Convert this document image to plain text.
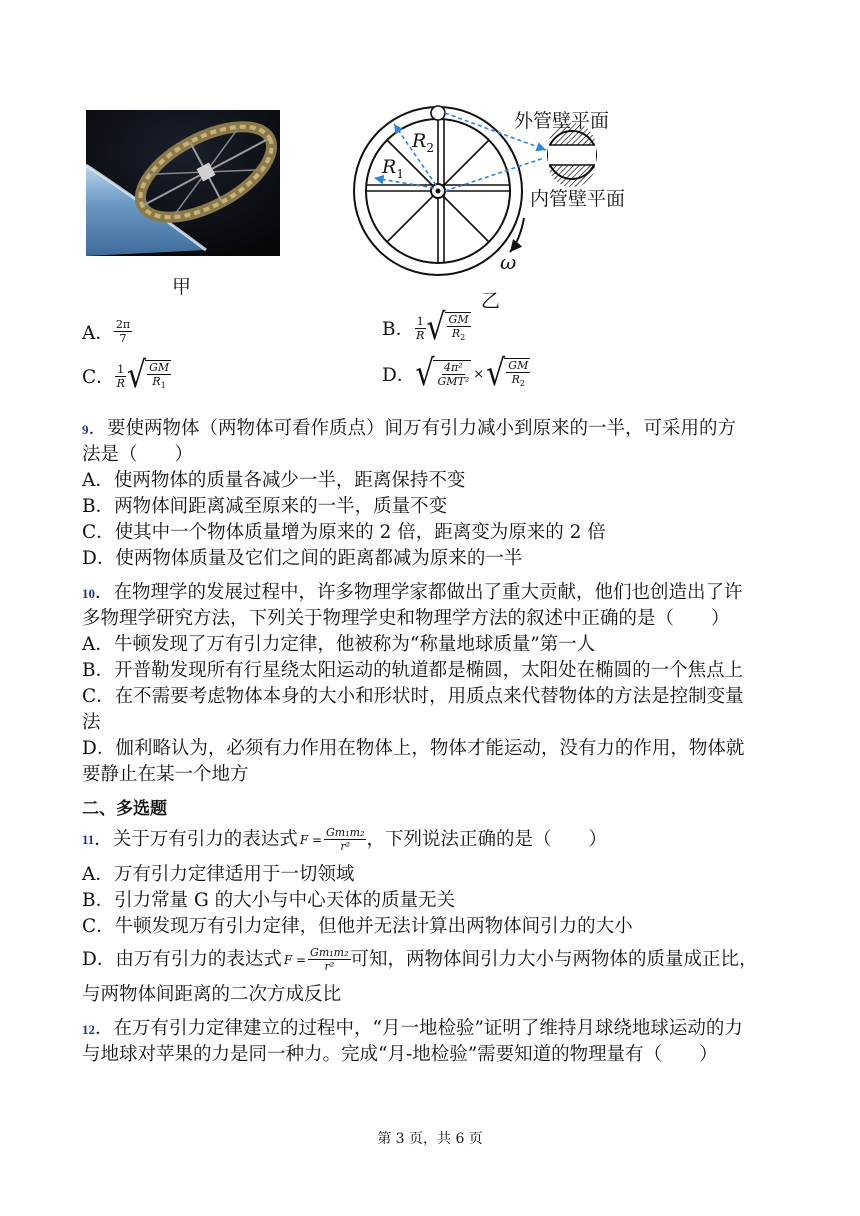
甲
$R_2$
$R_1$
外管壁平面
内管壁平面
ω
乙
A． $\frac{2\pi}{7}$	B． $\frac{1}{R}$ √ $\frac{GM}{R_2}$
C． $\frac{1}{R}$ √ $\frac{GM}{R_1}$	D． √ $\frac{\text{4π²}}{\text{GMT²}}$ × √ $\frac{GM}{R_2}$
9．要使两物体（两物体可看作质点）间万有引力减小到原来的一半，可采用的方
法是（　　）
A．使两物体的质量各减少一半，距离保持不变
B．两物体间距离减至原来的一半，质量不变
C．使其中一个物体质量增为原来的 2 倍，距离变为原来的 2 倍
D．使两物体质量及它们之间的距离都减为原来的一半
10．在物理学的发展过程中，许多物理学家都做出了重大贡献，他们也创造出了许
多物理学研究方法，下列关于物理学史和物理学方法的叙述中正确的是（　　）
A．牛顿发现了万有引力定律，他被称为“称量地球质量”第一人
B．开普勒发现所有行星绕太阳运动的轨道都是椭圆，太阳处在椭圆的一个焦点上
C．在不需要考虑物体本身的大小和形状时，用质点来代替物体的方法是控制变量
法
D．伽利略认为，必须有力作用在物体上，物体才能运动，没有力的作用，物体就
要静止在某一个地方
二、多选题
11 ．关于万有引力的表达式 $F = \frac{\text{Gm₁m₂}}{\text{r²}}$ ，下列说法正确的是（　　）
A．万有引力定律适用于一切领域
B．引力常量 G 的大小与中心天体的质量无关
C．牛顿发现万有引力定律，但他并无法计算出两物体间引力的大小
D．由万有引力的表达式 $F = \frac{\text{Gm₁m₂}}{\text{r²}}$ 可知，两物体间引力大小与两物体的质量成正比，
与两物体间距离的二次方成反比
12．在万有引力定律建立的过程中，“月一地检验”证明了维持月球绕地球运动的力
与地球对苹果的力是同一种力。完成“月-地检验”需要知道的物理量有（　　）
第 3 页，共 6 页
